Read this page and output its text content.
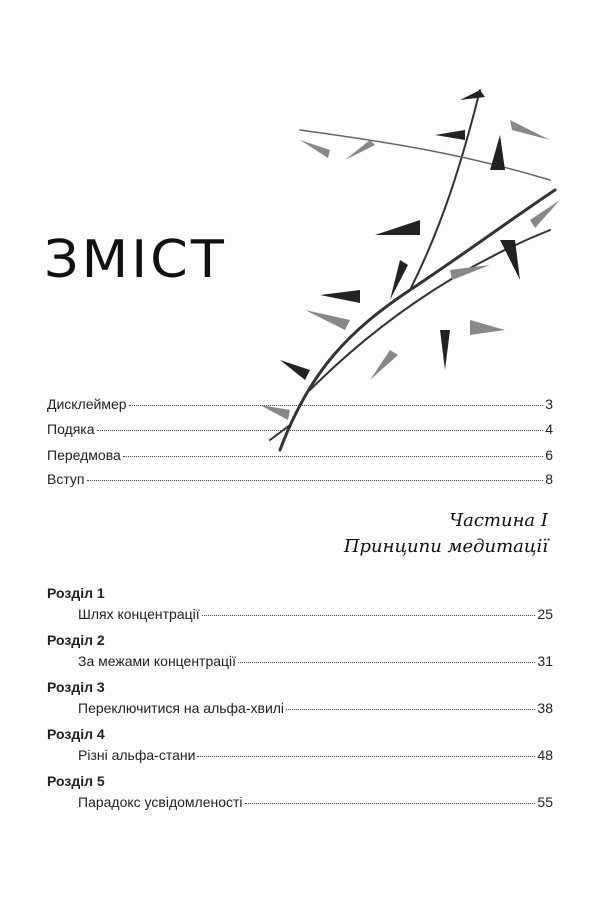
ЗМІСТ
Дисклеймер	3
Подяка	4
Передмова	6
Вступ	8
Частина I
Принципи медитації
Розділ 1
Шлях концентрації	25
Розділ 2
За межами концентрації	31
Розділ 3
Переключитися на альфа-хвилі	38
Розділ 4
Різні альфа-стани	48
Розділ 5
Парадокс усвідомленості	55
